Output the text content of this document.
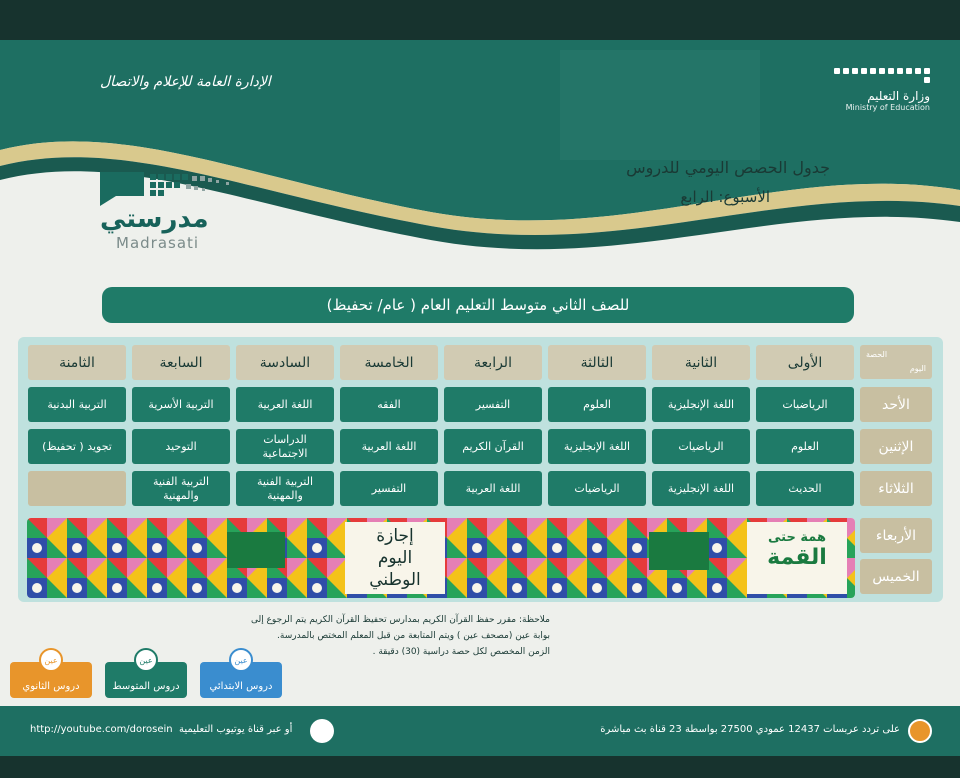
وزارة التعليم
Ministry of Education
الإدارة العامة للإعلام والاتصال
جدول الحصص اليومي للدروس
الأسبوع: الرابع
مدرستي
Madrasati
للصف الثاني متوسط التعليم العام ( عام/ تحفيظ)
الحصة
اليوم
الأولى
الثانية
الثالثة
الرابعة
الخامسة
السادسة
السابعة
الثامنة
الأحد
الإثنين
الثلاثاء
الأربعاء
الخميس
الرياضيات
اللغة الإنجليزية
العلوم
التفسير
الفقه
اللغة العربية
التربية الأسرية
التربية البدنية
العلوم
الرياضيات
اللغة الإنجليزية
القرآن الكريم
اللغة العربية
الدراسات الاجتماعية
التوحيد
تجويد ( تحفيظ)
الحديث
اللغة الإنجليزية
الرياضيات
اللغة العربية
التفسير
التربية الفنية والمهنية
التربية الفنية والمهنية
إجازة
اليوم
الوطني
همة حتى
القمة
ملاحظة: مقرر حفظ القرآن الكريم بمدارس تحفيظ القرآن الكريم يتم الرجوع إلى
بوابة عين (مصحف عين ) ويتم المتابعة من قبل المعلم المختص بالمدرسة.
الزمن المخصص لكل حصة دراسية (30) دقيقة .
عين
دروس الابتدائي
عين
دروس المتوسط
عين
دروس الثانوي
http://youtube.com/dorosein أو عبر قناة يوتيوب التعليمية	على تردد عربسات 12437 عمودي 27500 بواسطة 23 قناة بث مباشرة
